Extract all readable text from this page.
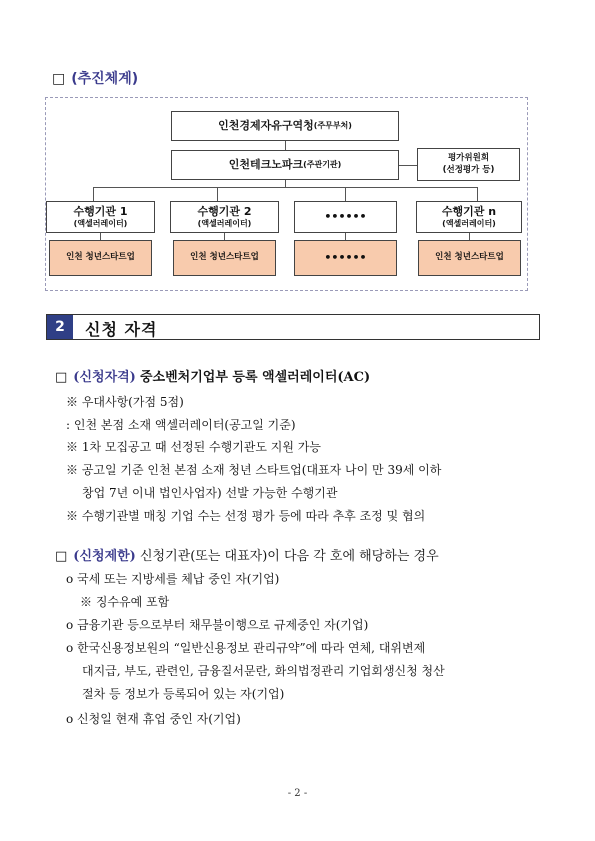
□ (추진체계)
인천경제자유구역청 (주무부처)
인천테크노파크 (주관기관)
평가위원회
(선정평가 등)
수행기관 1
(액셀러레이터)
수행기관 2
(액셀러레이터)
••••••	수행기관 n
(액셀러레이터)
인천 청년스타트업	인천 청년스타트업	••••••	인천 청년스타트업
2	신청 자격
□ (신청자격) 중소벤처기업부 등록 액셀러레이터(AC)
※ 우대사항(가점 5점)
: 인천 본점 소재 액셀러레이터(공고일 기준)
※ 1차 모집공고 때 선정된 수행기관도 지원 가능
※ 공고일 기준 인천 본점 소재 청년 스타트업(대표자 나이 만 39세 이하
창업 7년 이내 법인사업자) 선발 가능한 수행기관
※ 수행기관별 매칭 기업 수는 선정 평가 등에 따라 추후 조정 및 협의
□ (신청제한) 신청기관(또는 대표자)이 다음 각 호에 해당하는 경우
o 국세 또는 지방세를 체납 중인 자(기업)
※ 징수유예 포함
o 금융기관 등으로부터 채무불이행으로 규제중인 자(기업)
o 한국신용정보원의 “일반신용정보 관리규약”에 따라 연체, 대위변제
대지급, 부도, 관련인, 금융질서문란, 화의법정관리 기업회생신청 청산
절차 등 정보가 등록되어 있는 자(기업)
o 신청일 현재 휴업 중인 자(기업)
- 2 -
